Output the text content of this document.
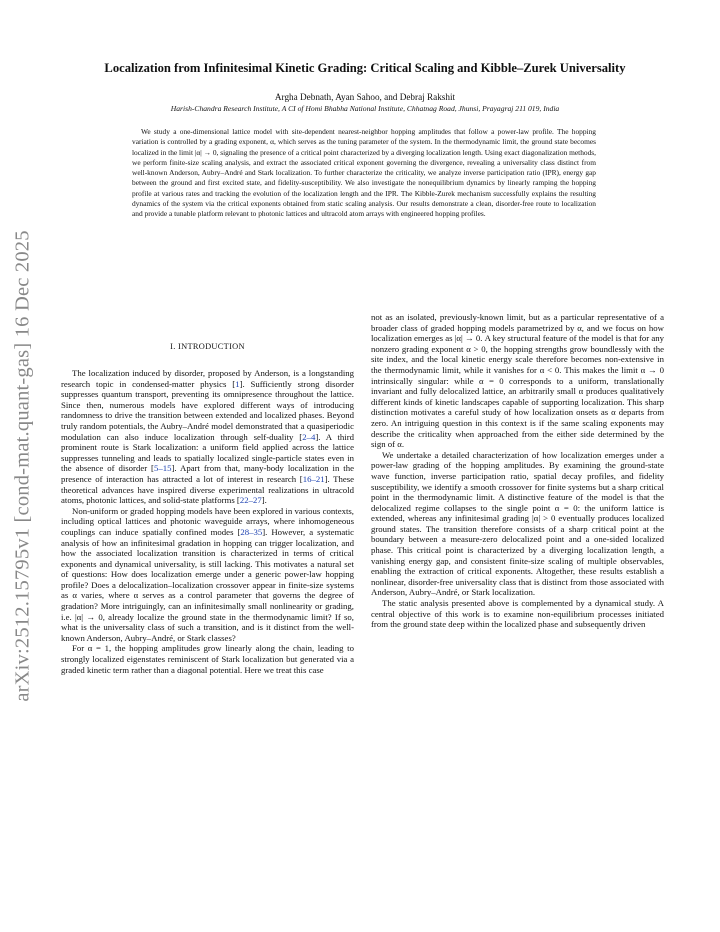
arXiv:2512.15795v1 [cond-mat.quant-gas] 16 Dec 2025
Localization from Infinitesimal Kinetic Grading: Critical Scaling and Kibble–Zurek Universality
Argha Debnath, Ayan Sahoo, and Debraj Rakshit
Harish-Chandra Research Institute, A CI of Homi Bhabha National Institute, Chhatnag Road, Jhunsi, Prayagraj 211 019, India

We study a one-dimensional lattice model with site-dependent nearest-neighbor hopping amplitudes that follow a power-law profile. The hopping variation is controlled by a grading exponent, α, which serves as the tuning parameter of the system. In the thermodynamic limit, the ground state becomes localized in the limit |α| → 0, signaling the presence of a critical point characterized by a diverging localization length. Using exact diagonalization methods, we perform finite-size scaling analysis, and extract the associated critical exponent governing the divergence, revealing a universality class distinct from well-known Anderson, Aubry–André and Stark localization. To further characterize the criticality, we analyze inverse participation ratio (IPR), energy gap between the ground and first excited state, and fidelity-susceptibility. We also investigate the nonequilibrium dynamics by linearly ramping the hopping profile at various rates and tracking the evolution of the localization length and the IPR. The Kibble-Zurek mechanism successfully explains the resulting dynamics of the system via the critical exponents obtained from static scaling analysis. Our results demonstrate a clean, disorder-free route to localization and provide a tunable platform relevant to photonic lattices and ultracold atom arrays with engineered hopping profiles.

I. INTRODUCTION

The localization induced by disorder, proposed by Anderson, is a longstanding research topic in condensed-matter physics [1]. Sufficiently strong disorder suppresses quantum transport, preventing its omnipresence throughout the lattice. Since then, numerous models have explored different ways of introducing randomness to drive the transition between extended and localized phases. Beyond truly random potentials, the Aubry–André model demonstrated that a quasiperiodic modulation can also induce localization through self-duality [2–4]. A third prominent route is Stark localization: a uniform field applied across the lattice suppresses tunneling and leads to spatially localized single-particle states even in the absence of disorder [5–15]. Apart from that, many-body localization in the presence of interaction has attracted a lot of interest in research [16–21]. These theoretical advances have inspired diverse experimental realizations in ultracold atoms, photonic lattices, and solid-state platforms [22–27].

Non-uniform or graded hopping models have been explored in various contexts, including optical lattices and photonic waveguide arrays, where inhomogeneous couplings can induce spatially confined modes [28–35]. However, a systematic analysis of how an infinitesimal gradation in hopping can trigger localization, and how the associated localization transition is characterized in terms of critical exponents and dynamical universality, is still lacking. This motivates a natural set of questions: How does localization emerge under a generic power-law hopping profile? Does a delocalization–localization crossover appear in finite-size systems as α varies, where α serves as a control parameter that governs the degree of gradation? More intriguingly, can an infinitesimally small nonlinearity or grading, i.e. |α| → 0, already localize the ground state in the thermodynamic limit? If so, what is the universality class of such a transition, and is it distinct from the well-known Anderson, Aubry–André, or Stark classes?

For α = 1, the hopping amplitudes grow linearly along the chain, leading to strongly localized eigenstates reminiscent of Stark localization but generated via a graded kinetic term rather than a diagonal potential. Here we treat this case

not as an isolated, previously-known limit, but as a particular representative of a broader class of graded hopping models parametrized by α, and we focus on how localization emerges as |α| → 0. A key structural feature of the model is that for any nonzero grading exponent α > 0, the hopping strengths grow boundlessly with the site index, and the local kinetic energy scale therefore becomes non-extensive in the thermodynamic limit, while it vanishes for α < 0. This makes the limit α → 0 intrinsically singular: while α = 0 corresponds to a uniform, translationally invariant and fully delocalized lattice, an arbitrarily small α produces qualitatively different kinds of kinetic landscapes capable of supporting localization. This sharp distinction motivates a careful study of how localization onsets as α departs from zero. An intriguing question in this context is if the same scaling exponents may describe the criticality when approached from the either side determined by the sign of α.

We undertake a detailed characterization of how localization emerges under a power-law grading of the hopping amplitudes. By examining the ground-state wave function, inverse participation ratio, spatial decay profiles, and fidelity susceptibility, we identify a smooth crossover for finite systems but a sharp critical point in the thermodynamic limit. A distinctive feature of the model is that the delocalized regime collapses to the single point α = 0: the uniform lattice is extended, whereas any infinitesimal grading |α| > 0 eventually produces localized ground states. The transition therefore consists of a sharp critical point at the boundary between a measure-zero delocalized point and a one-sided localized phase. This critical point is characterized by a diverging localization length, a vanishing energy gap, and consistent finite-size scaling of multiple observables, enabling the extraction of critical exponents. Altogether, these results establish a nonlinear, disorder-free universality class that is distinct from those associated with Anderson, Aubry–André, or Stark localization.

The static analysis presented above is complemented by a dynamical study. A central objective of this work is to examine non-equilibrium processes initiated from the ground state deep within the localized phase and subsequently driven
